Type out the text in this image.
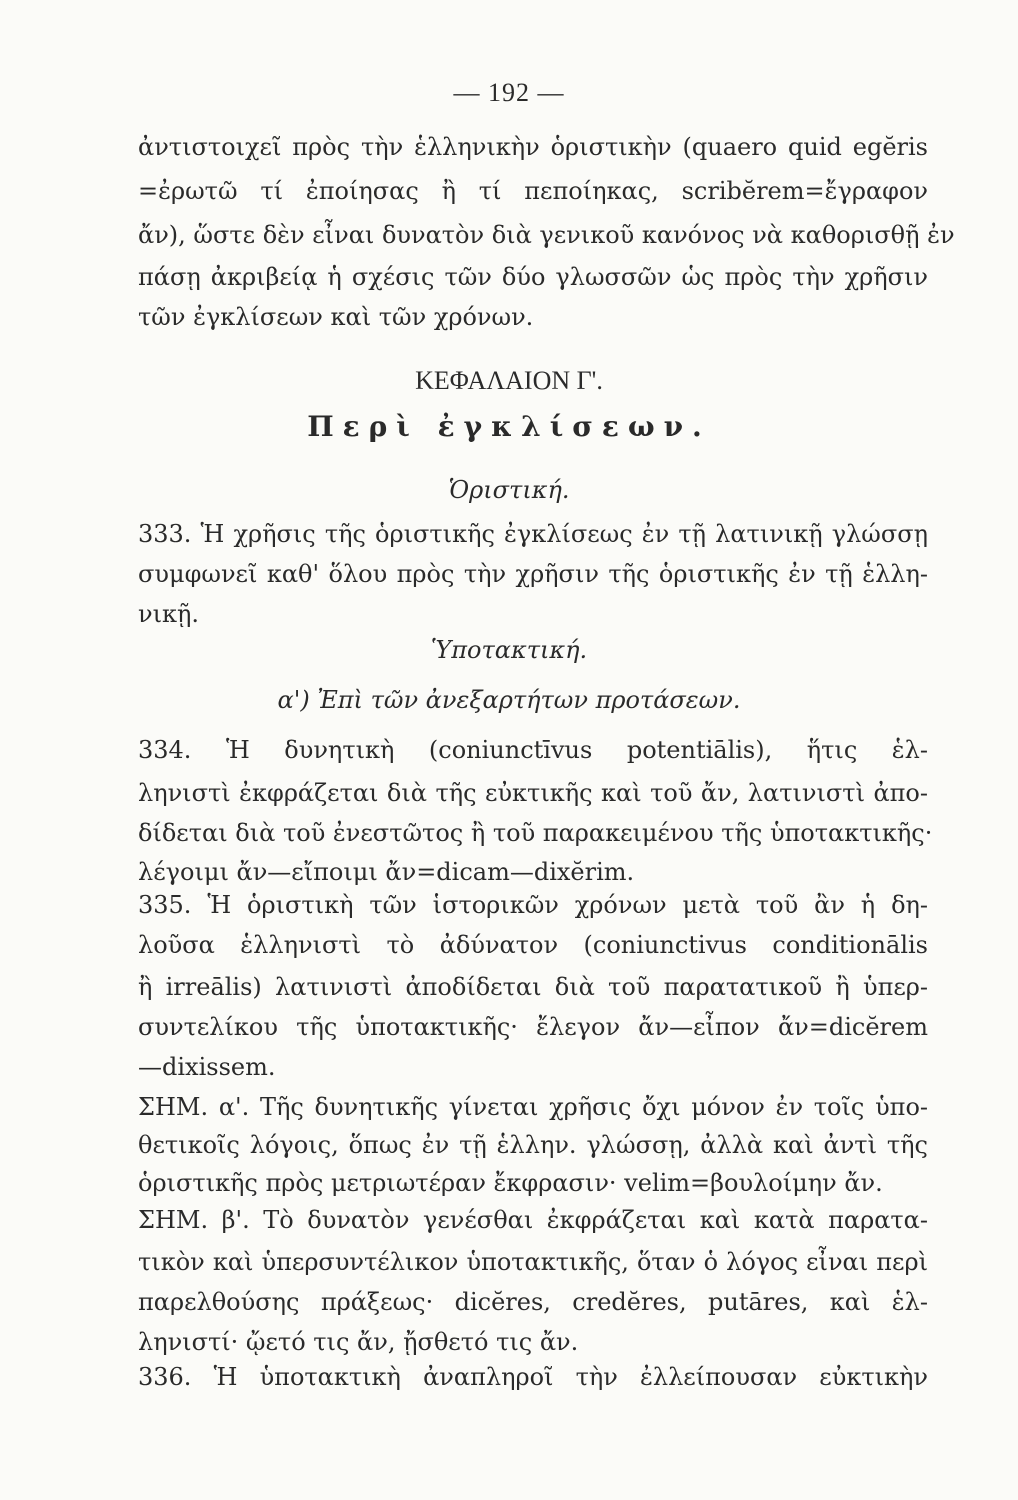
— 192 —
ἀντιστοιχεῖ πρὸς τὴν ἑλληνικὴν ὁριστικὴν (quaero quid egĕris
=ἐρωτῶ τί ἐποίησας ἢ τί πεποίηκας, scribĕrem=ἔγραφον
ἄν), ὥστε δὲν εἶναι δυνατὸν διὰ γενικοῦ κανόνος νὰ καθορισθῇ ἐν
πάσῃ ἀκριβείᾳ ἡ σχέσις τῶν δύο γλωσσῶν ὡς πρὸς τὴν χρῆσιν
τῶν ἐγκλίσεων καὶ τῶν χρόνων.
ΚΕΦΑΛΑΙΟΝ Γ'.
Περὶ ἐγκλίσεων.
Ὁριστική.
333. Ἡ χρῆσις τῆς ὁριστικῆς ἐγκλίσεως ἐν τῇ λατινικῇ γλώσσῃ
συμφωνεῖ καθ' ὅλου πρὸς τὴν χρῆσιν τῆς ὁριστικῆς ἐν τῇ ἑλλη-
νικῇ.
Ὑποτακτική.
α') Ἐπὶ τῶν ἀνεξαρτήτων προτάσεων.
334. Ἡ δυνητικὴ (coniunctīvus potentiālis), ἥτις ἑλ-
ληνιστὶ ἐκφράζεται διὰ τῆς εὐκτικῆς καὶ τοῦ ἄν, λατινιστὶ ἀπο-
δίδεται διὰ τοῦ ἐνεστῶτος ἢ τοῦ παρακειμένου τῆς ὑποτακτικῆς·
λέγοιμι ἄν—εἴποιμι ἄν=dicam—dixĕrim.
335. Ἡ ὁριστικὴ τῶν ἱστορικῶν χρόνων μετὰ τοῦ ἂν ἡ δη-
λοῦσα ἑλληνιστὶ τὸ ἀδύνατον (coniunctivus conditionālis
ἢ irreālis) λατινιστὶ ἀποδίδεται διὰ τοῦ παρατατικοῦ ἢ ὑπερ-
συντελίκου τῆς ὑποτακτικῆς· ἔλεγον ἄν—εἶπον ἄν=dicĕrem
—dixissem.
ΣΗΜ. α'. Τῆς δυνητικῆς γίνεται χρῆσις ὄχι μόνον ἐν τοῖς ὑπο-
θετικοῖς λόγοις, ὅπως ἐν τῇ ἑλλην. γλώσσῃ, ἀλλὰ καὶ ἀντὶ τῆς
ὁριστικῆς πρὸς μετριωτέραν ἔκφρασιν· velim=βουλοίμην ἄν.
ΣΗΜ. β'. Τὸ δυνατὸν γενέσθαι ἐκφράζεται καὶ κατὰ παρατα-
τικὸν καὶ ὑπερσυντέλικον ὑποτακτικῆς, ὅταν ὁ λόγος εἶναι περὶ
παρελθούσης πράξεως· dicĕres, credĕres, putāres, καὶ ἑλ-
ληνιστί· ᾤετό τις ἄν, ᾔσθετό τις ἄν.
336. Ἡ ὑποτακτικὴ ἀναπληροῖ τὴν ἐλλείπουσαν εὐκτικὴν
